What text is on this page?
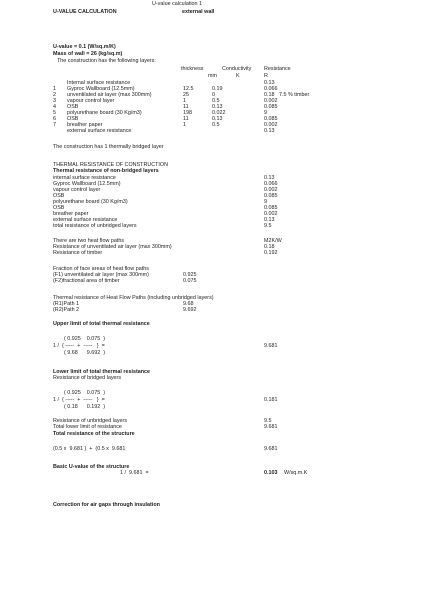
U-value calculation 1
U-VALUE CALCULATION	external wall
U-value = 0.1 (W/sq.m/K)
Mass of wall = 26 (kg/sq.m)
The construction has the following layers:
thickness	Conductivity Resistance
mm	K	R
Internal surface resistance	0.13
1 Gyproc Wallboard (12.5mm)	12.5	0.19	0.066
2 unventilated air layer (max 300mm)	25	0	0.18 7.5 % timber
3 vapour control layer	1	0.5	0.002
4 OSB	11	0.13	0.085
5 polyurethane board (30 Kg/m3)	198	0.022	9
6 OSB	11	0.13	0.085
7 breather paper	1	0.5	0.002
external surface resistance	0.13
The construction has 1 thermally bridged layer
THERMAL RESISTANCE OF CONSTRUCTION
Thermal resistance of non-bridged layers
internal surface resistance	0.13
Gyproc Wallboard (12.5mm)	0.066
vapour control layer	0.002
OSB	0.085
polyurethane board (30 Kg/m3)	9
OSB	0.085
breather paper	0.002
external surface resistance	0.13
total resistance of unbridged layers	9.5
There are two heat flow paths	M2K/W
Resistance of unventilated air layer (max 300mm)	0.18
Resistance of timber	0.192
Fraction of face areas of heat flow paths
(F1) unventilated air layer (max 300mm)	0.925
(F2)fractional area of timber	0.075
Thermal resistance of Heat Flow Paths (including unbridged layers)
(R1)Path 1	9.68
(R2)Path 2	9.692
Upper limit of total thermal resistance
( 0.925    0.075  )
1 /  { -----  +  -----   }  =
( 9.68      9.692  )
9.681
Lower limit of total thermal resistance
Resistance of bridged layers
( 0.925    0.075  )
1 /  { -----  +  -----   }  =
( 0.18      0.192  )
0.181
Resistance of unbridged layers	9.5
Total lower limit of resistance	9.681
Total resistance of the structure
(0.5 x  9.681 )  +  (0.5 x  9.681	9.681
Basic U-value of the structure
1 /  9.681  =	0.103 W/sq.m.K
Correction for air gaps through insulation
